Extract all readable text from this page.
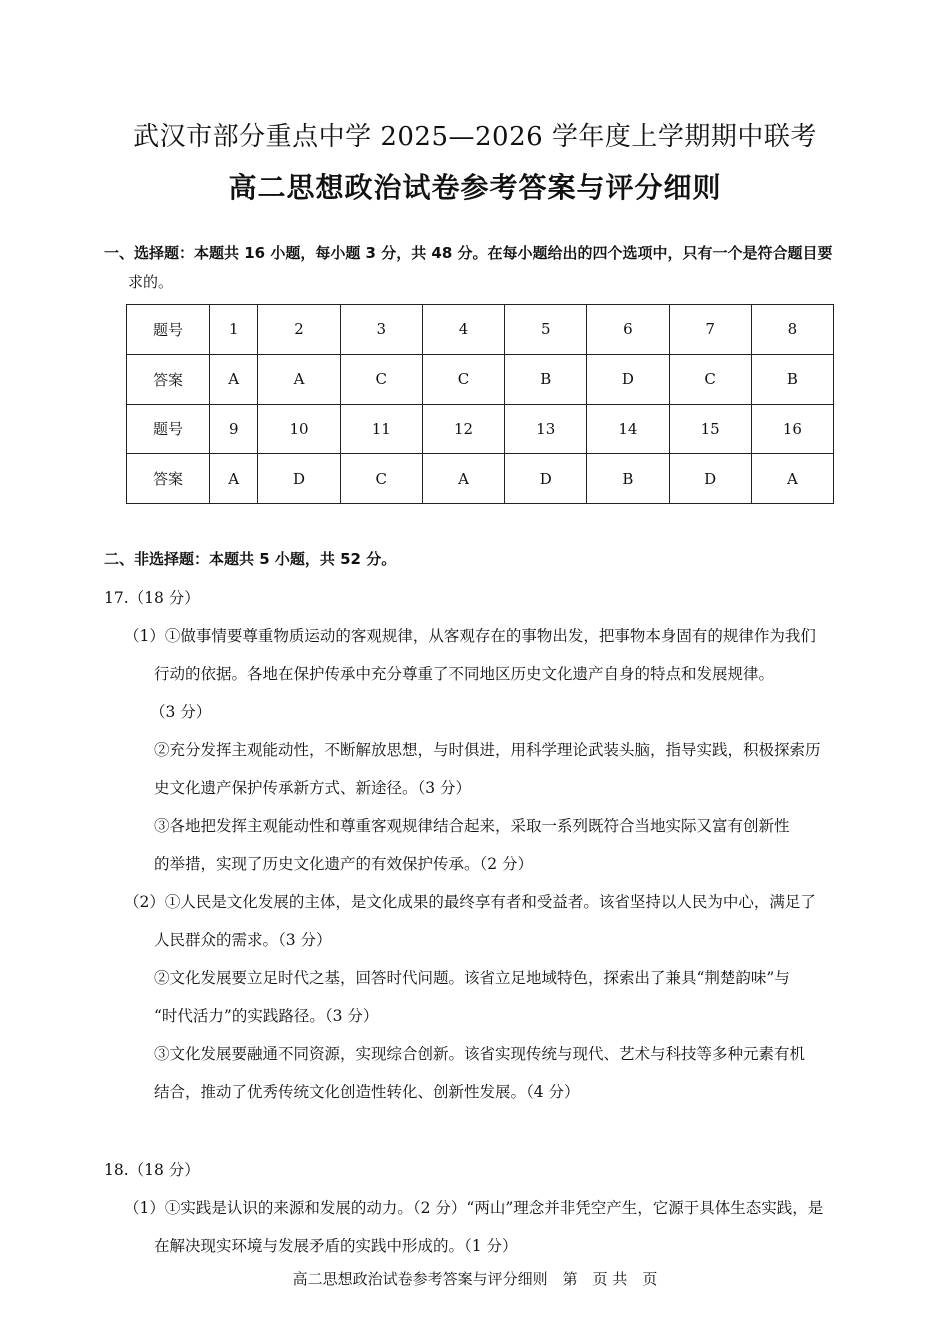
武汉市部分重点中学 2025—2026 学年度上学期期中联考
高二思想政治试卷参考答案与评分细则
一、选择题：本题共 16 小题，每小题 3 分，共 48 分。在每小题给出的四个选项中，只有一个是符合题目要
求的。
题号	1	2	3	4	5	6	7	8
答案	A	A	C	C	B	D	C	B
题号	9	10	11	12	13	14	15	16
答案	A	D	C	A	D	B	D	A
二、非选择题：本题共 5 小题，共 52 分。
17.（18 分）
（1）①做事情要尊重物质运动的客观规律，从客观存在的事物出发，把事物本身固有的规律作为我们
行动的依据。各地在保护传承中充分尊重了不同地区历史文化遗产自身的特点和发展规律。
（3 分）
②充分发挥主观能动性，不断解放思想，与时俱进，用科学理论武装头脑，指导实践，积极探索历
史文化遗产保护传承新方式、新途径。（3 分）
③各地把发挥主观能动性和尊重客观规律结合起来，采取一系列既符合当地实际又富有创新性
的举措，实现了历史文化遗产的有效保护传承。（2 分）
（2）①人民是文化发展的主体，是文化成果的最终享有者和受益者。该省坚持以人民为中心，满足了
人民群众的需求。（3 分）
②文化发展要立足时代之基，回答时代问题。该省立足地域特色，探索出了兼具“荆楚韵味”与
“时代活力”的实践路径。（3 分）
③文化发展要融通不同资源，实现综合创新。该省实现传统与现代、艺术与科技等多种元素有机
结合，推动了优秀传统文化创造性转化、创新性发展。（4 分）
18.（18 分）
（1）①实践是认识的来源和发展的动力。（2 分）“两山”理念并非凭空产生，它源于具体生态实践，是
在解决现实环境与发展矛盾的实践中形成的。（1 分）
高二思想政治试卷参考答案与评分细则　第　页 共　页
